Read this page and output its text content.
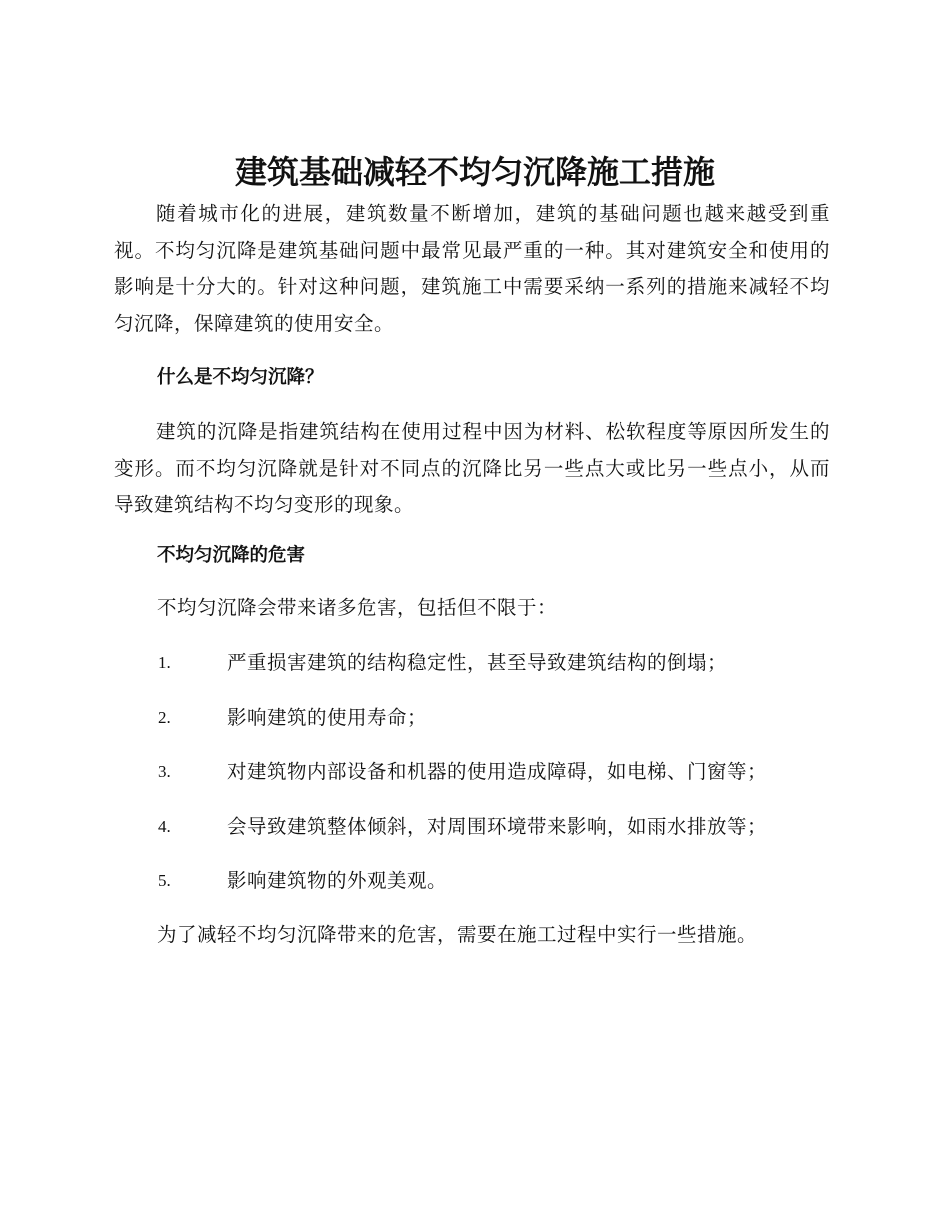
建筑基础减轻不均匀沉降施工措施

随着城市化的进展，建筑数量不断增加，建筑的基础问题也越来越受到重视。不均匀沉降是建筑基础问题中最常见最严重的一种。其对建筑安全和使用的影响是十分大的。针对这种问题，建筑施工中需要采纳一系列的措施来减轻不均匀沉降，保障建筑的使用安全。

什么是不均匀沉降？

建筑的沉降是指建筑结构在使用过程中因为材料、松软程度等原因所发生的变形。而不均匀沉降就是针对不同点的沉降比另一些点大或比另一些点小，从而导致建筑结构不均匀变形的现象。

不均匀沉降的危害

不均匀沉降会带来诸多危害，包括但不限于：

1.	严重损害建筑的结构稳定性，甚至导致建筑结构的倒塌；
2.	影响建筑的使用寿命；
3.	对建筑物内部设备和机器的使用造成障碍，如电梯、门窗等；
4.	会导致建筑整体倾斜，对周围环境带来影响，如雨水排放等；
5.	影响建筑物的外观美观。

为了减轻不均匀沉降带来的危害，需要在施工过程中实行一些措施。
